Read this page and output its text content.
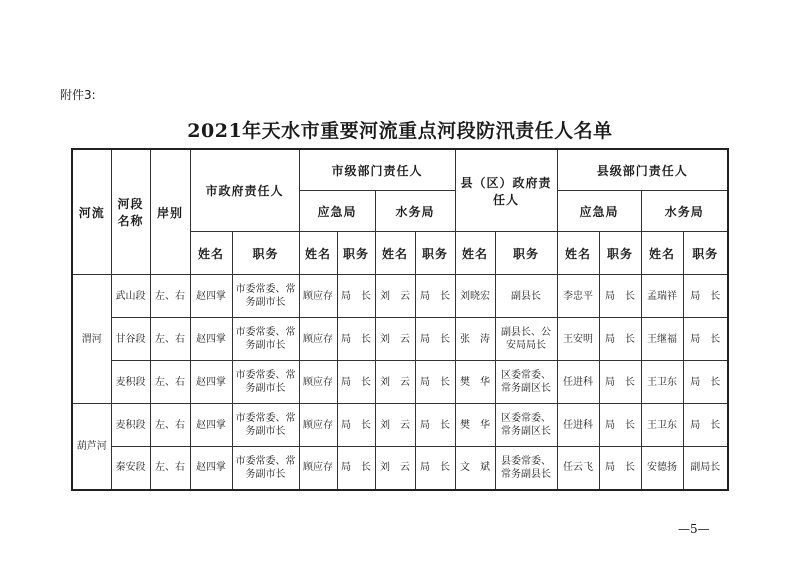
附件3:
2021年天水市重要河流重点河段防汛责任人名单
河流	河段名称	岸别	市政府责任人		市级部门责任人				县（区）政府责任人		县级部门责任人			
					应急局		水务局				应急局		水务局	
			姓名	职务	姓名	职务	姓名	职务	姓名	职务	姓名	职务	姓名	职务
渭河	武山段	左、右	赵四掌	市委常委、常务副市长	顾应存	局　长	刘　云	局　长	刘晓宏	副县长	李忠平	局　长	孟瑞祥	局　长
	甘谷段	左、右	赵四掌	市委常委、常务副市长	顾应存	局　长	刘　云	局　长	张　涛	副县长、公安局局长	王安明	局　长	王继福	局　长
	麦积段	左、右	赵四掌	市委常委、常务副市长	顾应存	局　长	刘　云	局　长	樊　华	区委常委、常务副区长	任进科	局　长	王卫东	局　长
葫芦河	麦积段	左、右	赵四掌	市委常委、常务副市长	顾应存	局　长	刘　云	局　长	樊　华	区委常委、常务副区长	任进科	局　长	王卫东	局　长
	秦安段	左、右	赵四掌	市委常委、常务副市长	顾应存	局　长	刘　云	局　长	文　斌	县委常委、常务副县长	任云飞	局　长	安德扬	副局长
—5—
